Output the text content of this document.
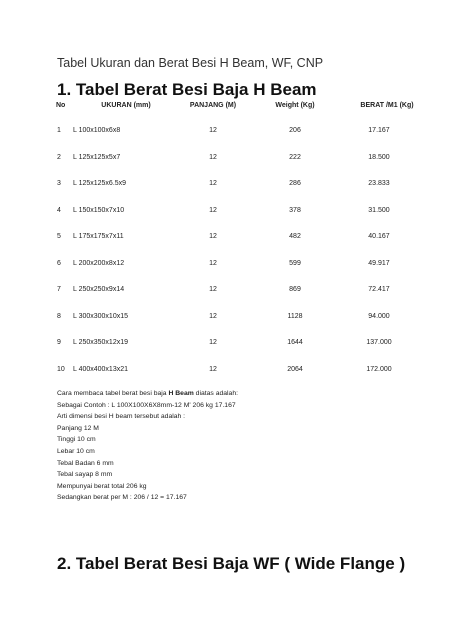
Tabel Ukuran dan Berat Besi H Beam, WF, CNP
1. Tabel Berat Besi Baja H Beam
No	UKURAN (mm)	PANJANG (M)	Weight (Kg)	BERAT /M1 (Kg)
1 L 100x100x6x8	12	206	17.167
2 L 125x125x5x7	12	222	18.500
3 L 125x125x6.5x9	12	286	23.833
4 L 150x150x7x10	12	378	31.500
5 L 175x175x7x11	12	482	40.167
6 L 200x200x8x12	12	599	49.917
7 L 250x250x9x14	12	869	72.417
8 L 300x300x10x15	12	1128	94.000
9 L 250x350x12x19	12	1644	137.000
10 L 400x400x13x21	12	2064	172.000

Cara membaca tabel berat besi baja H Beam diatas adalah:

Sebagai Contoh : L 100X100X6X8mm-12 M' 206 kg 17.167

Arti dimensi besi H beam tersebut adalah :

Panjang 12 M

Tinggi 10 cm

Lebar 10 cm

Tebal Badan 6 mm

Tebal sayap 8 mm

Mempunyai berat total 206 kg

Sedangkan berat per M : 206 / 12 = 17.167

2. Tabel Berat Besi Baja WF ( Wide Flange )
